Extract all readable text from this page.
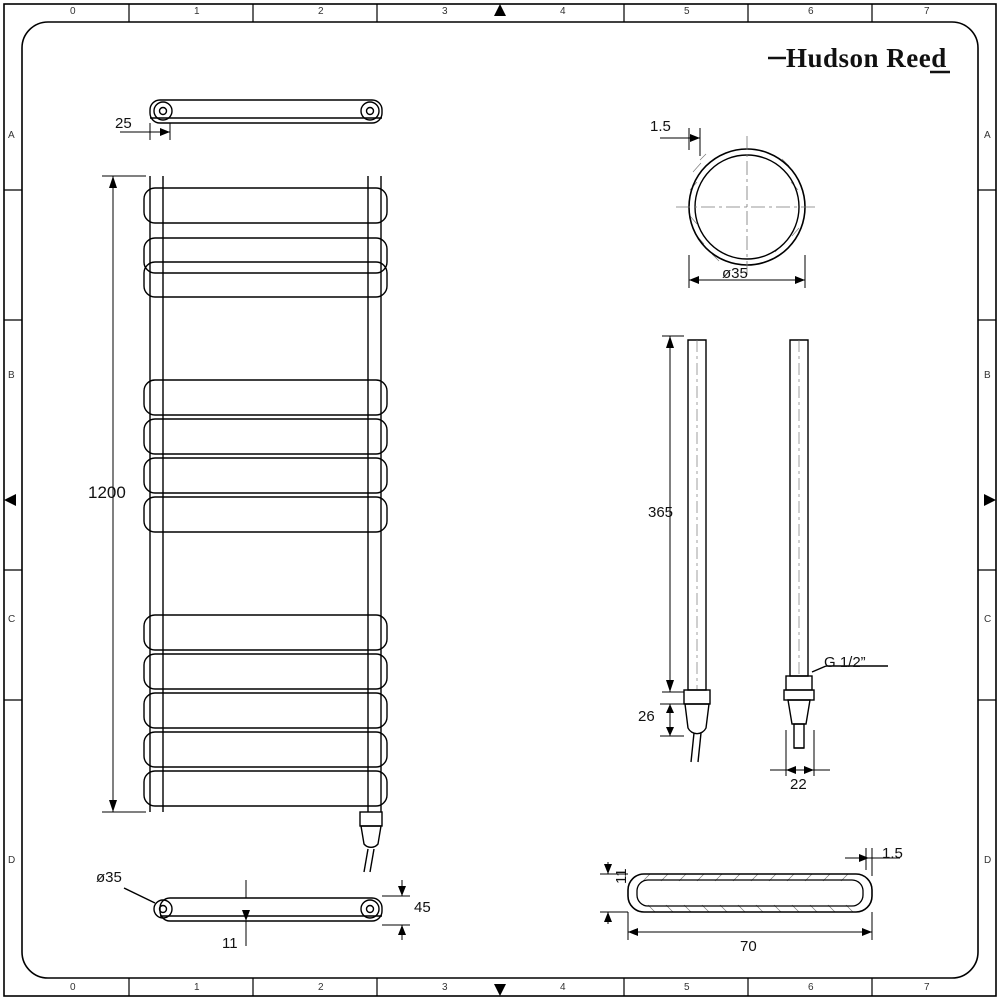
Hudson Reed
25
1200
ø35
11
45
1.5
ø35
365
26
22
G 1/2”
1.5
11
70
0	1	2	3	4	5	6	7
0	1	2	3	4	5	6	7
A
B
C
D
A
B
C
D
